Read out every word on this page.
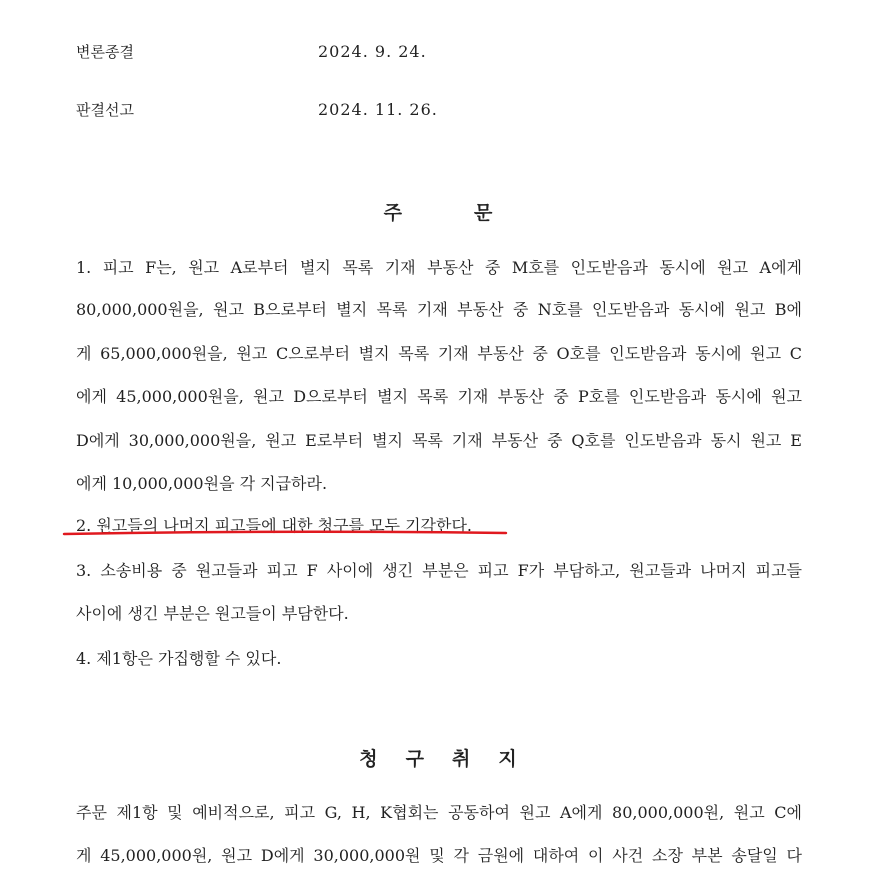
변론종결	2024. 9. 24.
판결선고	2024. 11. 26.
주	문
1. 피고 F는, 원고 A로부터 별지 목록 기재 부동산 중 M호를 인도받음과 동시에 원고 A에게
80,000,000원을, 원고 B으로부터 별지 목록 기재 부동산 중 N호를 인도받음과 동시에 원고 B에
게 65,000,000원을, 원고 C으로부터 별지 목록 기재 부동산 중 O호를 인도받음과 동시에 원고 C
에게 45,000,000원을, 원고 D으로부터 별지 목록 기재 부동산 중 P호를 인도받음과 동시에 원고
D에게 30,000,000원을, 원고 E로부터 별지 목록 기재 부동산 중 Q호를 인도받음과 동시 원고 E
에게 10,000,000원을 각 지급하라.
2. 원고들의 나머지 피고들에 대한 청구를 모두 기각한다.
3. 소송비용 중 원고들과 피고 F 사이에 생긴 부분은 피고 F가 부담하고, 원고들과 나머지 피고들
사이에 생긴 부분은 원고들이 부담한다.
4. 제1항은 가집행할 수 있다.
청 구 취 지
주문 제1항 및 예비적으로, 피고 G, H, K협회는 공동하여 원고 A에게 80,000,000원, 원고 C에
게 45,000,000원, 원고 D에게 30,000,000원 및 각 금원에 대하여 이 사건 소장 부본 송달일 다
